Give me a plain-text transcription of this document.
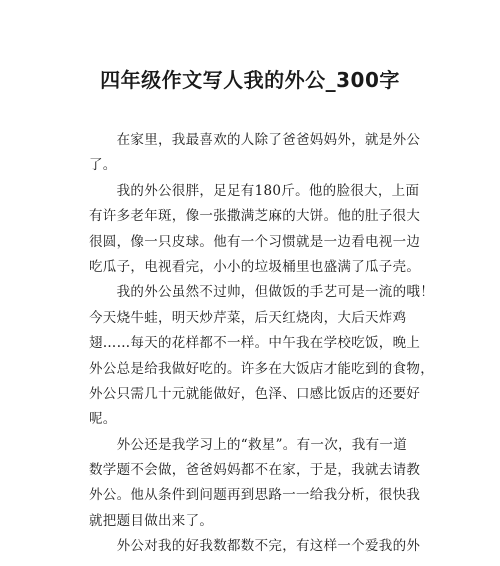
四年级作文写人我的外公_300字

　　在家里，我最喜欢的人除了爸爸妈妈外，就是外公
了。

　　我的外公很胖，足足有180斤。他的脸很大，上面
有许多老年斑，像一张撒满芝麻的大饼。他的肚子很大
很圆，像一只皮球。他有一个习惯就是一边看电视一边
吃瓜子，电视看完，小小的垃圾桶里也盛满了瓜子壳。

　　我的外公虽然不过帅，但做饭的手艺可是一流的哦！
今天烧牛蛙，明天炒芹菜，后天红烧肉，大后天炸鸡
翅……每天的花样都不一样。中午我在学校吃饭，晚上
外公总是给我做好吃的。许多在大饭店才能吃到的食物，
外公只需几十元就能做好，色泽、口感比饭店的还要好
呢。

　　外公还是我学习上的“救星”。有一次，我有一道
数学题不会做，爸爸妈妈都不在家，于是，我就去请教
外公。他从条件到问题再到思路一一给我分析，很快我
就把题目做出来了。

　　外公对我的好我数都数不完，有这样一个爱我的外
